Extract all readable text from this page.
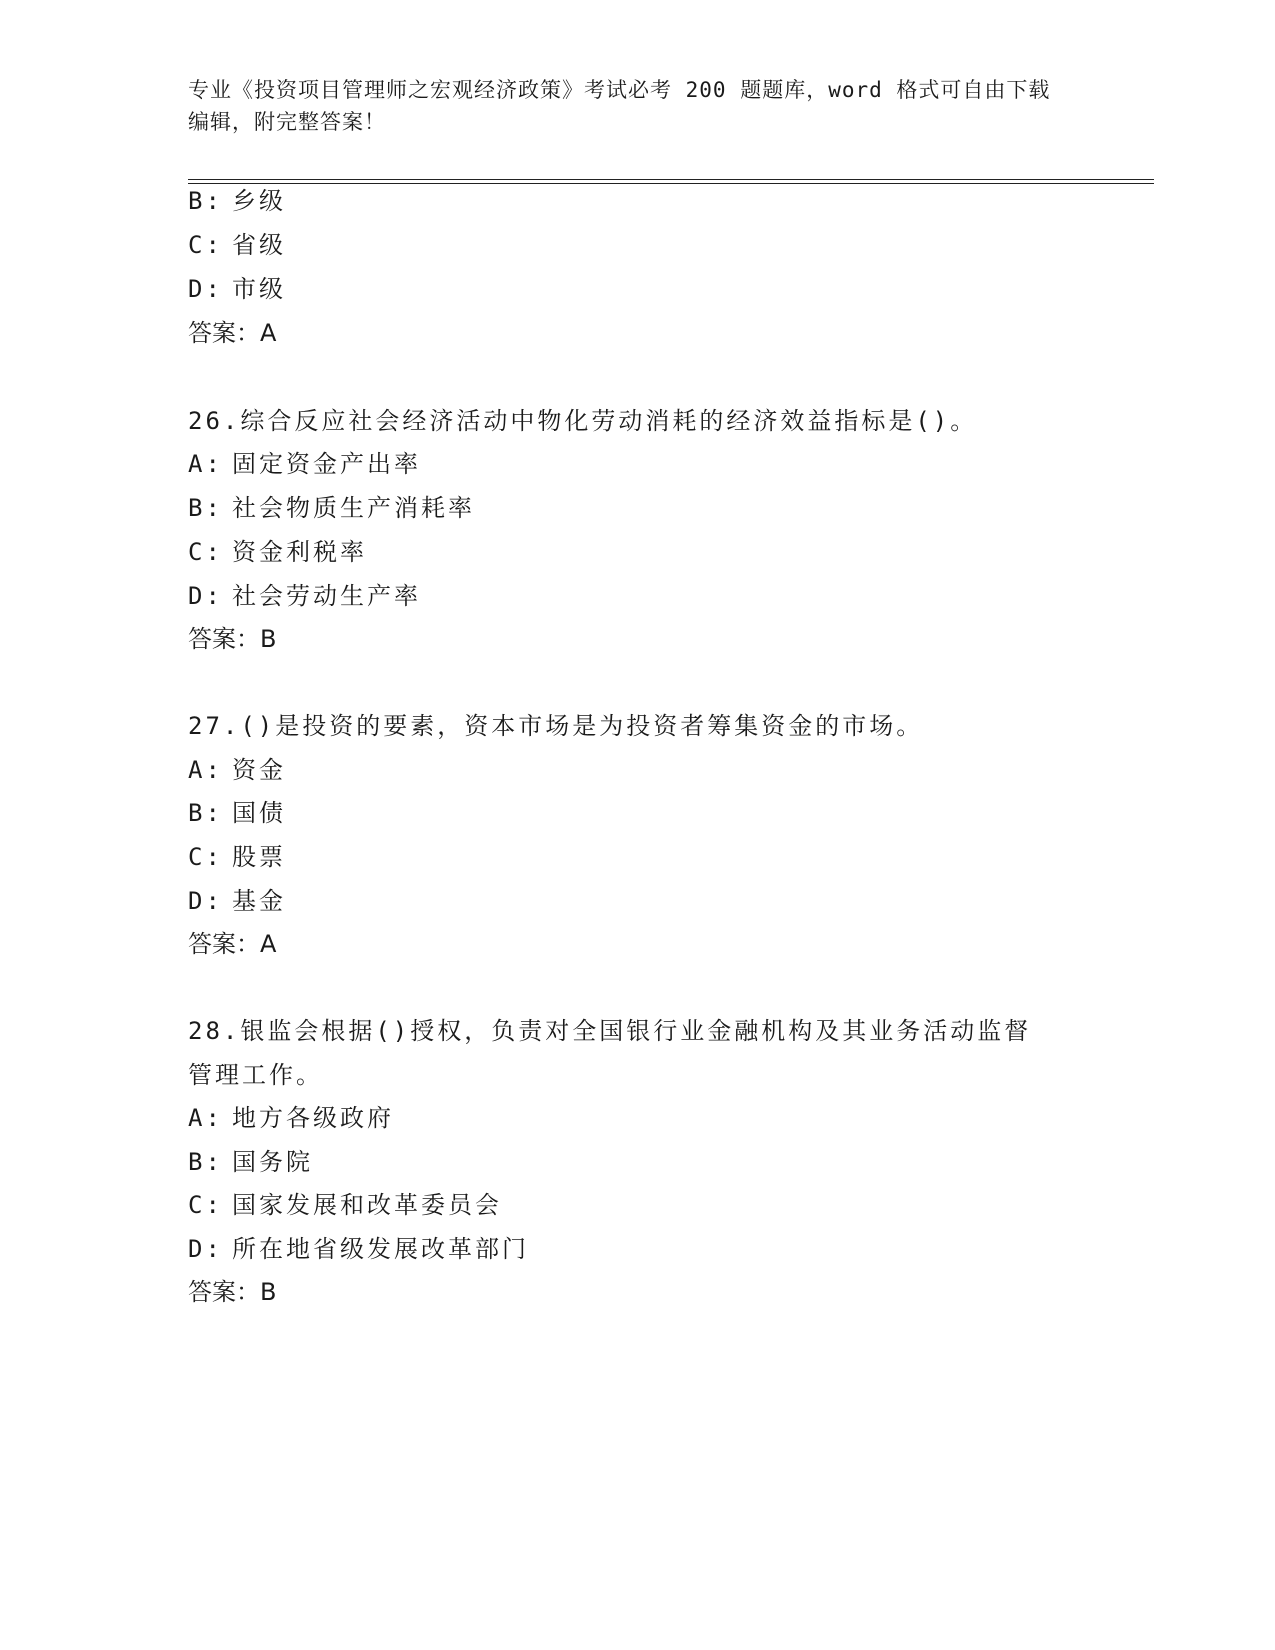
专业《投资项目管理师之宏观经济政策》考试必考 200 题题库，word 格式可自由下载编辑，附完整答案！
B: 乡级
C: 省级
D: 市级
答案：A
26.综合反应社会经济活动中物化劳动消耗的经济效益指标是()。
A: 固定资金产出率
B: 社会物质生产消耗率
C: 资金利税率
D: 社会劳动生产率
答案：B
27.()是投资的要素，资本市场是为投资者筹集资金的市场。
A: 资金
B: 国债
C: 股票
D: 基金
答案：A
28.银监会根据()授权，负责对全国银行业金融机构及其业务活动监督
管理工作。
A: 地方各级政府
B: 国务院
C: 国家发展和改革委员会
D: 所在地省级发展改革部门
答案：B
